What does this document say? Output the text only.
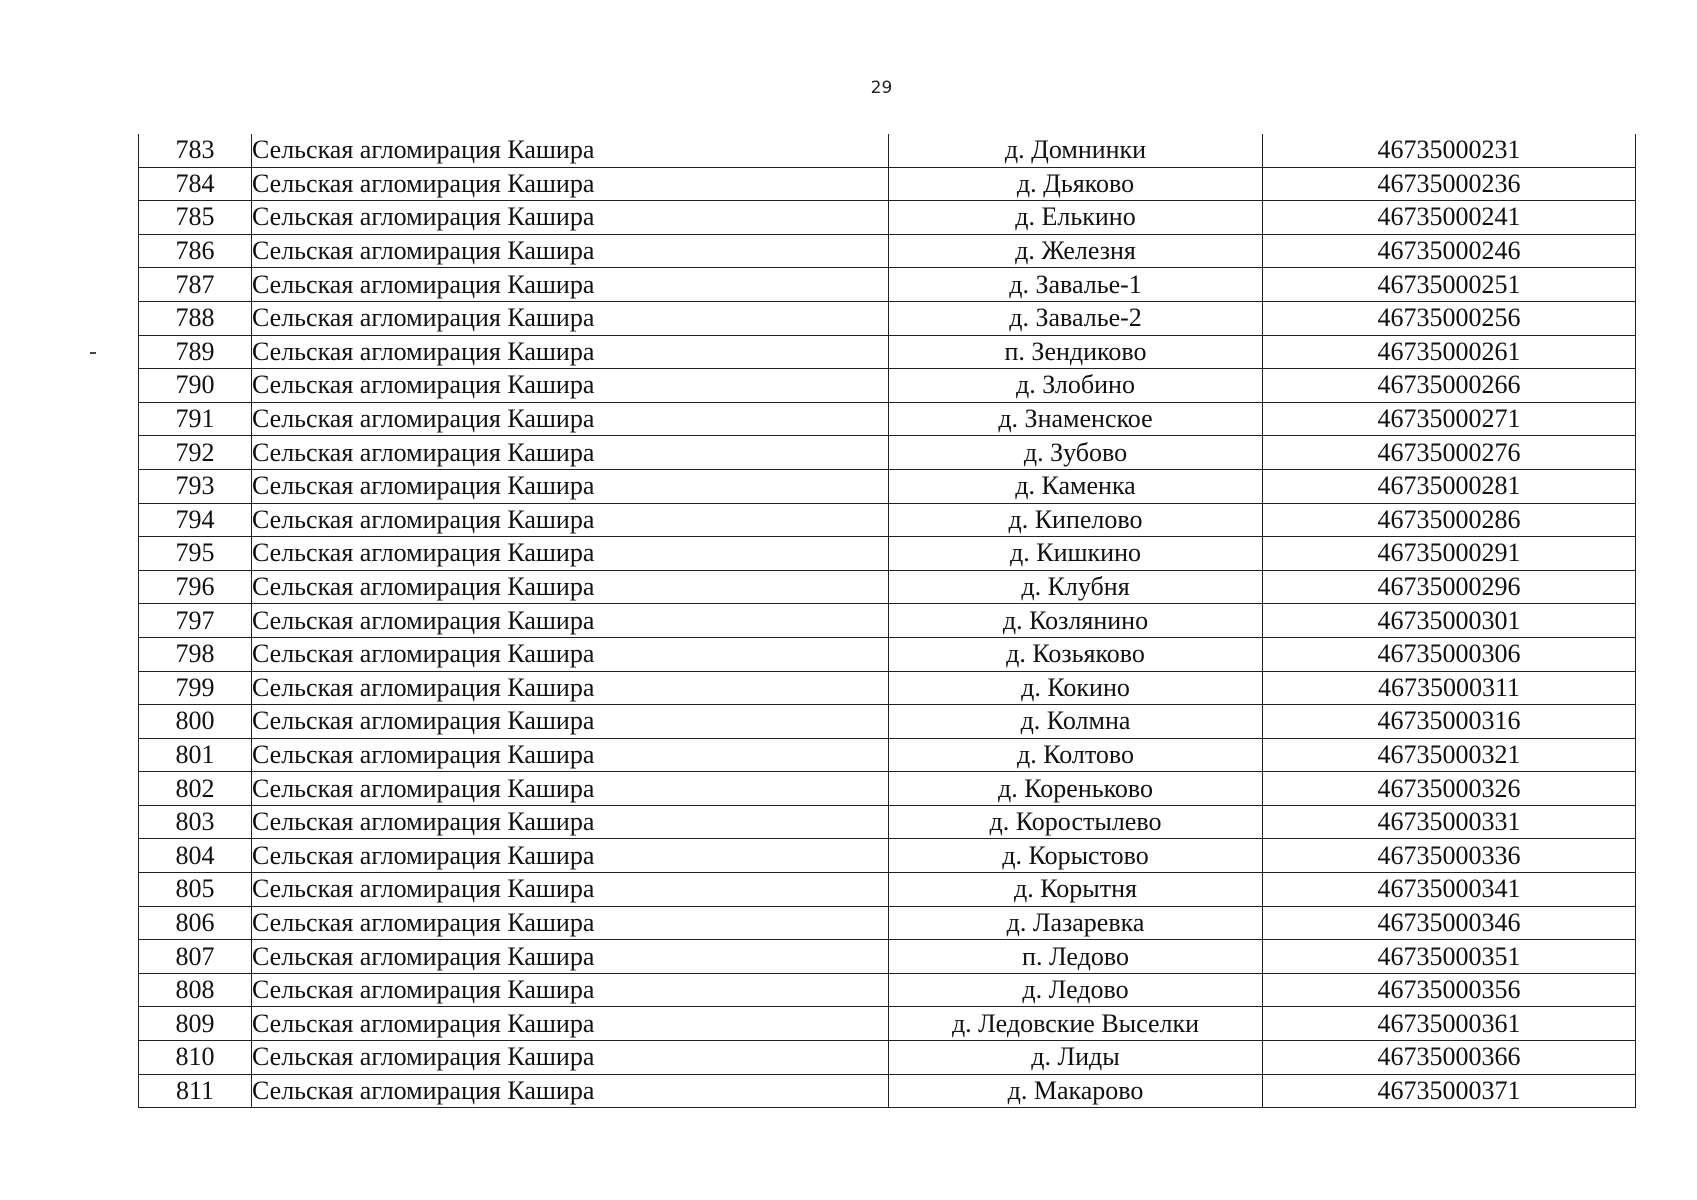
29
783	Сельская агломирация Кашира	д. Домнинки	46735000231
784	Сельская агломирация Кашира	д. Дьяково	46735000236
785	Сельская агломирация Кашира	д. Елькино	46735000241
786	Сельская агломирация Кашира	д. Железня	46735000246
787	Сельская агломирация Кашира	д. Завалье-1	46735000251
788	Сельская агломирация Кашира	д. Завалье-2	46735000256
789	Сельская агломирация Кашира	п. Зендиково	46735000261
790	Сельская агломирация Кашира	д. Злобино	46735000266
791	Сельская агломирация Кашира	д. Знаменское	46735000271
792	Сельская агломирация Кашира	д. Зубово	46735000276
793	Сельская агломирация Кашира	д. Каменка	46735000281
794	Сельская агломирация Кашира	д. Кипелово	46735000286
795	Сельская агломирация Кашира	д. Кишкино	46735000291
796	Сельская агломирация Кашира	д. Клубня	46735000296
797	Сельская агломирация Кашира	д. Козлянино	46735000301
798	Сельская агломирация Кашира	д. Козьяково	46735000306
799	Сельская агломирация Кашира	д. Кокино	46735000311
800	Сельская агломирация Кашира	д. Колмна	46735000316
801	Сельская агломирация Кашира	д. Колтово	46735000321
802	Сельская агломирация Кашира	д. Кореньково	46735000326
803	Сельская агломирация Кашира	д. Коростылево	46735000331
804	Сельская агломирация Кашира	д. Корыстово	46735000336
805	Сельская агломирация Кашира	д. Корытня	46735000341
806	Сельская агломирация Кашира	д. Лазаревка	46735000346
807	Сельская агломирация Кашира	п. Ледово	46735000351
808	Сельская агломирация Кашира	д. Ледово	46735000356
809	Сельская агломирация Кашира	д. Ледовские Выселки	46735000361
810	Сельская агломирация Кашира	д. Лиды	46735000366
811	Сельская агломирация Кашира	д. Макарово	46735000371
